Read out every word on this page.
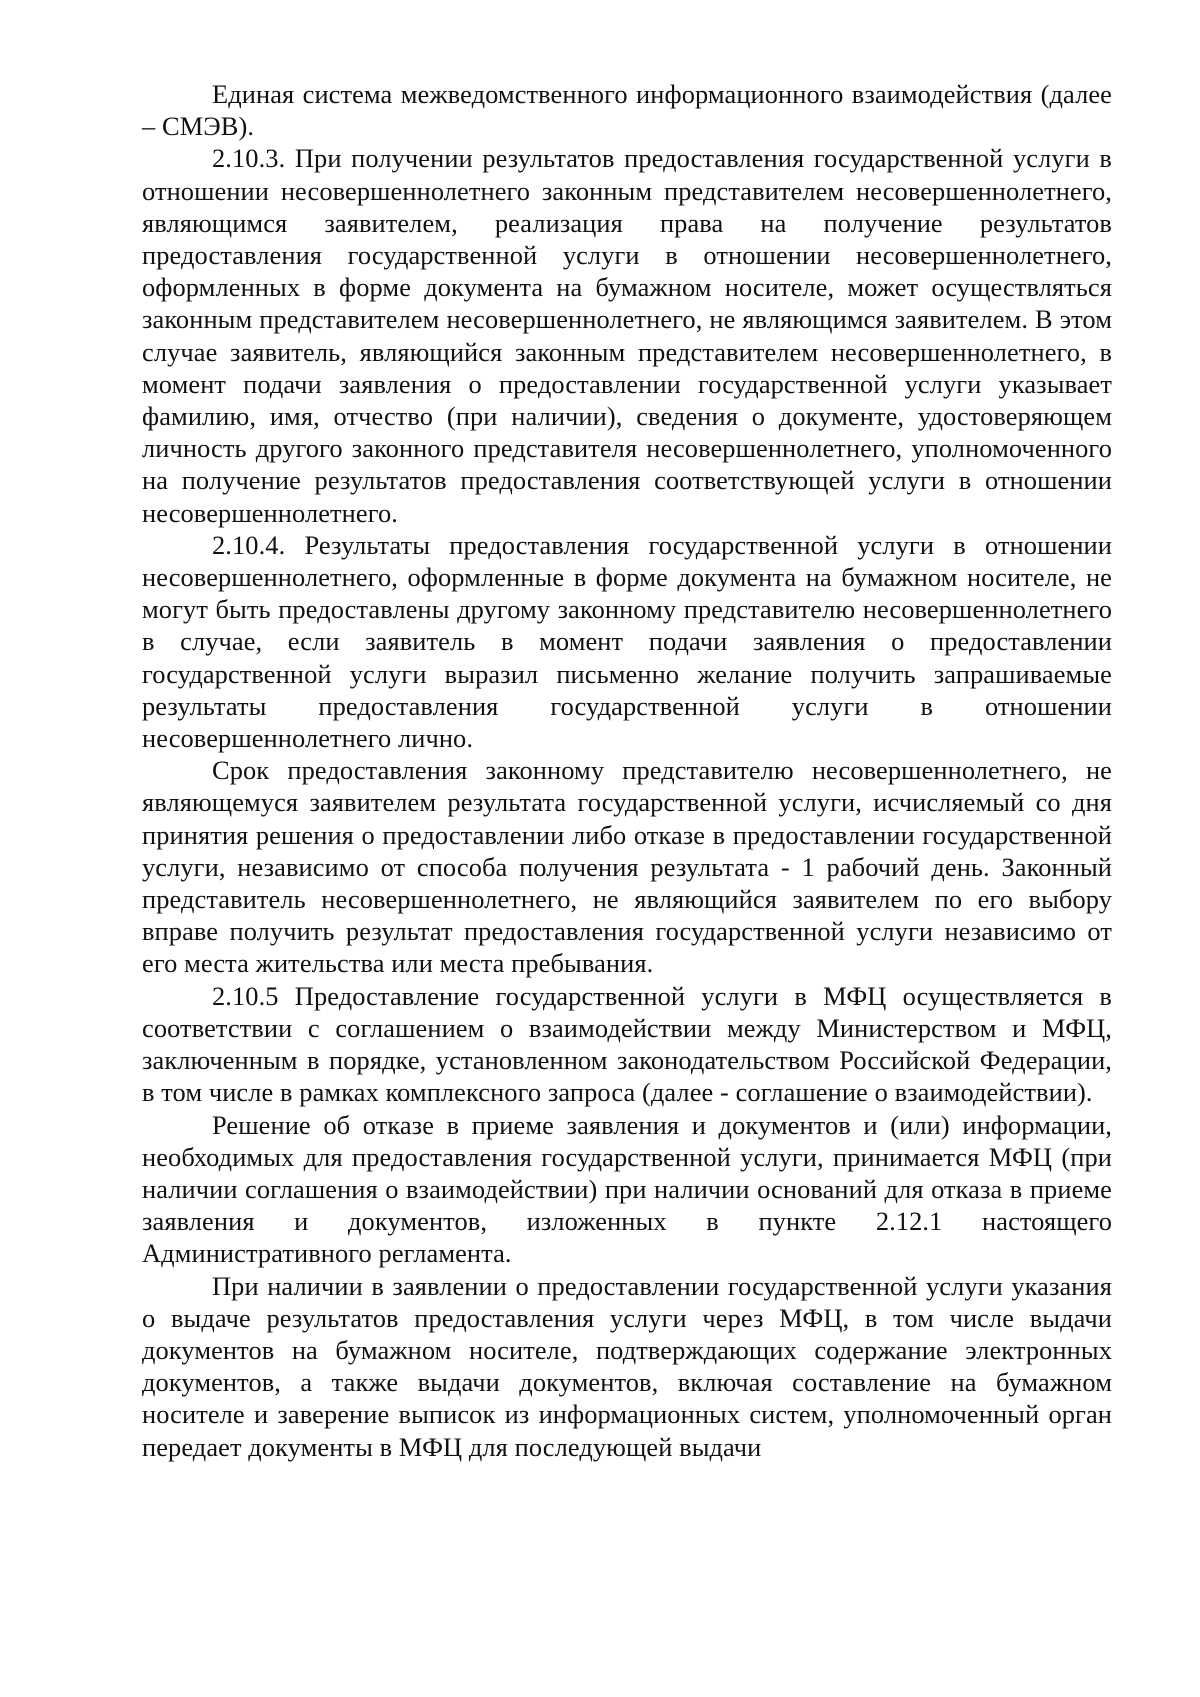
Единая система межведомственного информационного взаимодействия (далее – СМЭВ).

2.10.3. При получении результатов предоставления государственной услуги в отношении несовершеннолетнего законным представителем несовершеннолетнего, являющимся заявителем, реализация права на получение результатов предоставления государственной услуги в отношении несовершеннолетнего, оформленных в форме документа на бумажном носителе, может осуществляться законным представителем несовершеннолетнего, не являющимся заявителем. В этом случае заявитель, являющийся законным представителем несовершеннолетнего, в момент подачи заявления о предоставлении государственной услуги указывает фамилию, имя, отчество (при наличии), сведения о документе, удостоверяющем личность другого законного представителя несовершеннолетнего, уполномоченного на получение результатов предоставления соответствующей услуги в отношении несовершеннолетнего.

2.10.4. Результаты предоставления государственной услуги в отношении несовершеннолетнего, оформленные в форме документа на бумажном носителе, не могут быть предоставлены другому законному представителю несовершеннолетнего в случае, если заявитель в момент подачи заявления о предоставлении государственной услуги выразил письменно желание получить запрашиваемые результаты предоставления государственной услуги в отношении несовершеннолетнего лично.

Срок предоставления законному представителю несовершеннолетнего, не являющемуся заявителем результата государственной услуги, исчисляемый со дня принятия решения о предоставлении либо отказе в предоставлении государственной услуги, независимо от способа получения результата - 1 рабочий день. Законный представитель несовершеннолетнего, не являющийся заявителем по его выбору вправе получить результат предоставления государственной услуги независимо от его места жительства или места пребывания.

2.10.5 Предоставление государственной услуги в МФЦ осуществляется в соответствии с соглашением о взаимодействии между Министерством и МФЦ, заключенным в порядке, установленном законодательством Российской Федерации, в том числе в рамках комплексного запроса (далее - соглашение о взаимодействии).

Решение об отказе в приеме заявления и документов и (или) информации, необходимых для предоставления государственной услуги, принимается МФЦ (при наличии соглашения о взаимодействии) при наличии оснований для отказа в приеме заявления и документов, изложенных в пункте 2.12.1 настоящего Административного регламента.

При наличии в заявлении о предоставлении государственной услуги указания о выдаче результатов предоставления услуги через МФЦ, в том числе выдачи документов на бумажном носителе, подтверждающих содержание электронных документов, а также выдачи документов, включая составление на бумажном носителе и заверение выписок из информационных систем, уполномоченный орган передает документы в МФЦ для последующей выдачи
